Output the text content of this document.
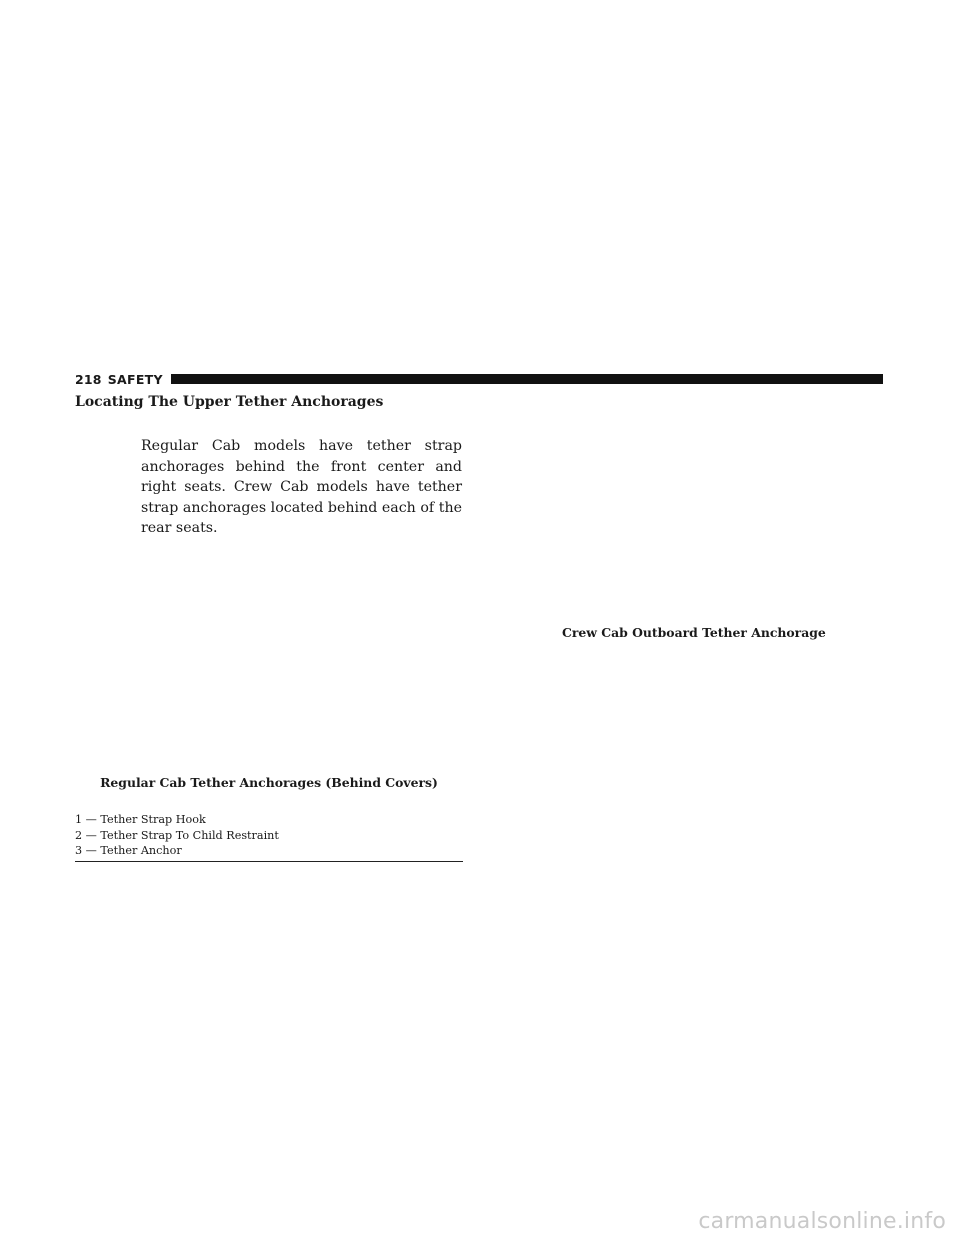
218 SAFETY
Locating The Upper Tether Anchorages
Regular Cab models have tether strap anchorages behind the front center and right seats. Crew Cab models have tether strap anchorages located behind each of the rear seats.
Crew Cab Outboard Tether Anchorage
Regular Cab Tether Anchorages (Behind Covers)
1 — Tether Strap Hook
2 — Tether Strap To Child Restraint
3 — Tether Anchor
carmanualsonline.info
